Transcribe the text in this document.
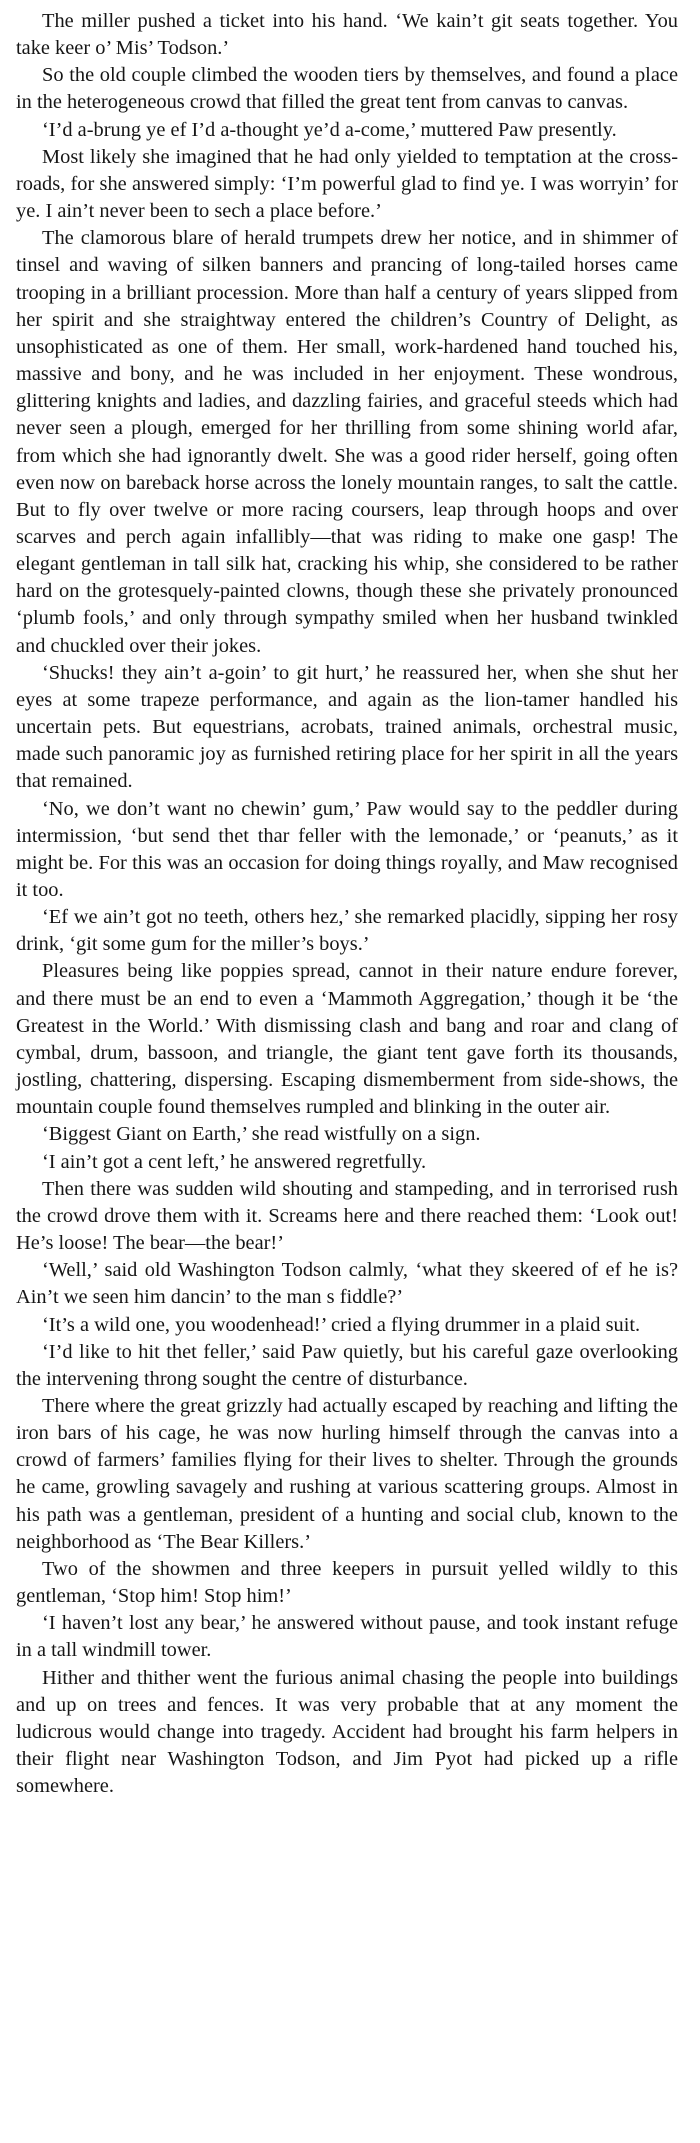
The miller pushed a ticket into his hand. ‘We kain’t git seats together. You take keer o’ Mis’ Todson.’

So the old couple climbed the wooden tiers by themselves, and found a place in the heterogeneous crowd that filled the great tent from canvas to canvas.

‘I’d a-brung ye ef I’d a-thought ye’d a-come,’ muttered Paw presently.

Most likely she imagined that he had only yielded to temptation at the cross-roads, for she answered simply: ‘I’m powerful glad to find ye. I was worryin’ for ye. I ain’t never been to sech a place before.’

The clamorous blare of herald trumpets drew her notice, and in shimmer of tinsel and waving of silken banners and prancing of long-tailed horses came trooping in a brilliant procession. More than half a century of years slipped from her spirit and she straightway entered the children’s Country of Delight, as unsophisticated as one of them. Her small, work-hardened hand touched his, massive and bony, and he was included in her enjoyment. These wondrous, glittering knights and ladies, and dazzling fairies, and graceful steeds which had never seen a plough, emerged for her thrilling from some shining world afar, from which she had ignorantly dwelt. She was a good rider herself, going often even now on bareback horse across the lonely mountain ranges, to salt the cattle. But to fly over twelve or more racing coursers, leap through hoops and over scarves and perch again infallibly—that was riding to make one gasp! The elegant gentleman in tall silk hat, cracking his whip, she considered to be rather hard on the grotesquely-painted clowns, though these she privately pronounced ‘plumb fools,’ and only through sympathy smiled when her husband twinkled and chuckled over their jokes.

‘Shucks! they ain’t a-goin’ to git hurt,’ he reassured her, when she shut her eyes at some trapeze performance, and again as the lion-tamer handled his uncertain pets. But equestrians, acrobats, trained animals, orchestral music, made such panoramic joy as furnished retiring place for her spirit in all the years that remained.

‘No, we don’t want no chewin’ gum,’ Paw would say to the peddler during intermission, ‘but send thet thar feller with the lemonade,’ or ‘peanuts,’ as it might be. For this was an occasion for doing things royally, and Maw recognised it too.

‘Ef we ain’t got no teeth, others hez,’ she remarked placidly, sipping her rosy drink, ‘git some gum for the miller’s boys.’

Pleasures being like poppies spread, cannot in their nature endure forever, and there must be an end to even a ‘Mammoth Aggregation,’ though it be ‘the Greatest in the World.’ With dismissing clash and bang and roar and clang of cymbal, drum, bassoon, and triangle, the giant tent gave forth its thousands, jostling, chattering, dispersing. Escaping dismemberment from side-shows, the mountain couple found themselves rumpled and blinking in the outer air.

‘Biggest Giant on Earth,’ she read wistfully on a sign.

‘I ain’t got a cent left,’ he answered regretfully.

Then there was sudden wild shouting and stampeding, and in terrorised rush the crowd drove them with it. Screams here and there reached them: ‘Look out! He’s loose! The bear—the bear!’

‘Well,’ said old Washington Todson calmly, ‘what they skeered of ef he is? Ain’t we seen him dancin’ to the man s fiddle?’

‘It’s a wild one, you woodenhead!’ cried a flying drummer in a plaid suit.

‘I’d like to hit thet feller,’ said Paw quietly, but his careful gaze overlooking the intervening throng sought the centre of disturbance.

There where the great grizzly had actually escaped by reaching and lifting the iron bars of his cage, he was now hurling himself through the canvas into a crowd of farmers’ families flying for their lives to shelter. Through the grounds he came, growling savagely and rushing at various scattering groups. Almost in his path was a gentleman, president of a hunting and social club, known to the neighborhood as ‘The Bear Killers.’

Two of the showmen and three keepers in pursuit yelled wildly to this gentleman, ‘Stop him! Stop him!’

‘I haven’t lost any bear,’ he answered without pause, and took instant refuge in a tall windmill tower.

Hither and thither went the furious animal chasing the people into buildings and up on trees and fences. It was very probable that at any moment the ludicrous would change into tragedy. Accident had brought his farm helpers in their flight near Washington Todson, and Jim Pyot had picked up a rifle somewhere.
